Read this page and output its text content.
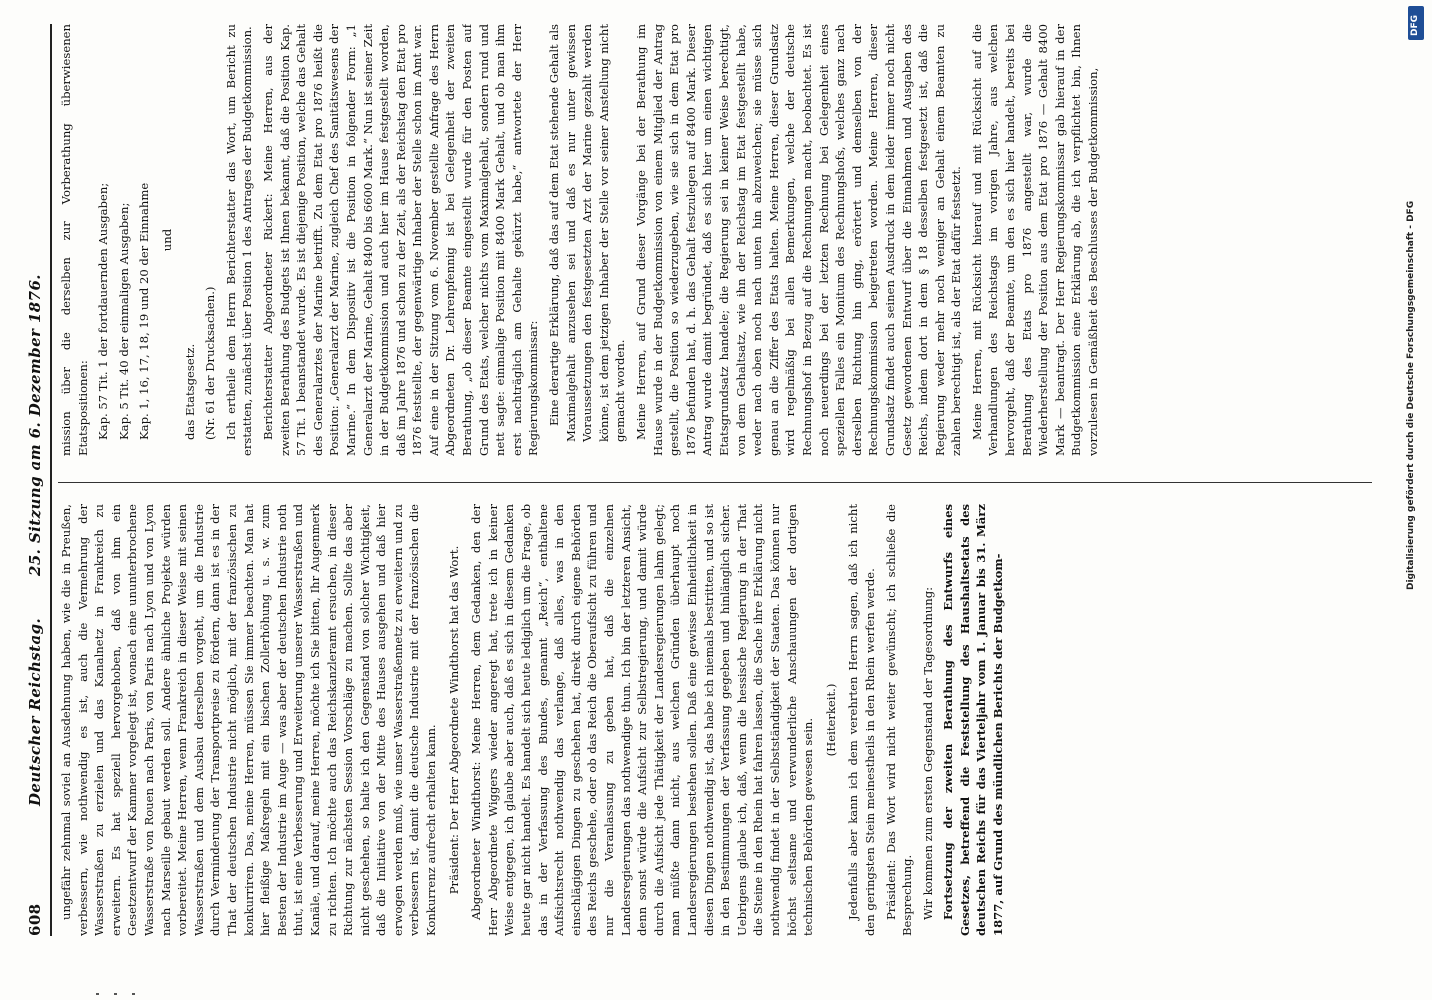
608
Deutscher Reichstag.
25. Sitzung am 6. Dezember 1876.

ungefähr zehnmal soviel an Ausdehnung haben, wie die in Preußen, verbessern, wie nothwendig es ist, auch die Vermehrung der Wasserstraßen zu erzielen und das Kanalnetz in Frankreich zu erweitern. Es hat speziell hervorgehoben, daß von ihm ein Gesetzentwurf der Kammer vorgelegt ist, wonach eine ununterbrochene Wasserstraße von Rouen nach Paris, von Paris nach Lyon und von Lyon nach Marseille gebaut werden soll. Andere ähnliche Projekte würden vorbereitet. Meine Herren, wenn Frankreich in dieser Weise mit seinen Wasserstraßen und dem Ausbau derselben vorgeht, um die Industrie durch Verminderung der Transportpreise zu fördern, dann ist es in der That der deutschen Industrie nicht möglich, mit der französischen zu konkurriren. Das, meine Herren, müssen Sie immer beachten. Man hat hier fleißige Maßregeln mit ein bischen Zollerhöhung u. s. w. zum Besten der Industrie im Auge — was aber der deutschen Industrie noth thut, ist eine Verbesserung und Erweiterung unserer Wasserstraßen und Kanäle, und darauf, meine Herren, möchte ich Sie bitten, Ihr Augenmerk zu richten. Ich möchte auch das Reichskanzleramt ersuchen, in dieser Richtung zur nächsten Session Vorschläge zu machen. Sollte das aber nicht geschehen, so halte ich den Gegenstand von solcher Wichtigkeit, daß die Initiative von der Mitte des Hauses ausgehen und daß hier erwogen werden muß, wie unser Wasserstraßennetz zu erweitern und zu verbessern ist, damit die deutsche Industrie mit der französischen die Konkurrenz aufrecht erhalten kann. Präsident: Der Herr Abgeordnete Windthorst hat das Wort. Abgeordneter Windthorst: Meine Herren, dem Gedanken, den der Herr Abgeordnete Wiggers wieder angeregt hat, trete ich in keiner Weise entgegen, ich glaube aber auch, daß es sich in diesem Gedanken heute gar nicht handelt. Es handelt sich heute lediglich um die Frage, ob das in der Verfassung des Bundes, genannt „Reich“, enthaltene Aufsichtsrecht nothwendig das verlange, daß alles, was in den einschlägigen Dingen zu geschehen hat, direkt durch eigene Behörden des Reichs geschehe, oder ob das Reich die Oberaufsicht zu führen und nur die Veranlassung zu geben hat, daß die einzelnen Landesregierungen das nothwendige thun. Ich bin der letzteren Ansicht, denn sonst würde die Aufsicht zur Selbstregierung, und damit würde durch die Aufsicht jede Thätigkeit der Landesregierungen lahm gelegt; man müßte dann nicht, aus welchen Gründen überhaupt noch Landesregierungen bestehen sollen. Daß eine gewisse Einheitlichkeit in diesen Dingen nothwendig ist, das habe ich niemals bestritten, und so ist in den Bestimmungen der Verfassung gegeben und hinlänglich sicher. Uebrigens glaube ich, daß, wenn die hessische Regierung in der That die Steine in den Rhein hat fahren lassen, die Sache ihre Erklärung nicht nothwendig findet in der Selbstständigkeit der Staaten. Das können nur höchst seltsame und verwunderliche Anschauungen der dortigen technischen Behörden gewesen sein. (Heiterkeit.) Jedenfalls aber kann ich dem verehrten Herrn sagen, daß ich nicht den geringsten Stein meinestheils in den Rhein werfen werde. Präsident: Das Wort wird nicht weiter gewünscht; ich schließe die Besprechung. Wir kommen zum ersten Gegenstand der Tagesordnung: Fortsetzung der zweiten Berathung des Entwurfs eines Gesetzes, betreffend die Feststellung des Haushaltsetats des deutschen Reichs für das Vierteljahr vom 1. Januar bis 31. März 1877, auf Grund des mündlichen Berichts der Budgetkom-

mission über die derselben zur Vorberathung überwiesenen Etatspositionen: Kap. 57 Tit. 1 der fortdauernden Ausgaben; Kap. 5 Tit. 40 der einmaligen Ausgaben; Kap. 1, 16, 17, 18, 19 und 20 der Einnahme und

das Etatsgesetz. (Nr. 61 der Drucksachen.) Ich ertheile dem Herrn Berichterstatter das Wort, um Bericht zu erstatten, zunächst über Position 1 des Antrages der Budgetkommission. Berichterstatter Abgeordneter Rickert: Meine Herren, aus der zweiten Berathung des Budgets ist Ihnen bekannt, daß die Position Kap. 57 Tit. 1 beanstandet wurde. Es ist diejenige Position, welche das Gehalt des Generalarztes der Marine betrifft. Zu dem Etat pro 1876 heißt die Position: „Generalarzt der Marine, zugleich Chef des Sanitätswesens der Marine.“ In dem Dispositiv ist die Position in folgender Form: „1 Generalarzt der Marine, Gehalt 8400 bis 6600 Mark.“ Nun ist seiner Zeit in der Budgetkommission und auch hier im Hause festgestellt worden, daß im Jahre 1876 und schon zu der Zeit, als der Reichstag den Etat pro 1876 feststellte, der gegenwärtige Inhaber der Stelle schon im Amt war. Auf eine in der Sitzung vom 6. November gestellte Anfrage des Herrn Abgeordneten Dr. Lehrenpfennig ist bei Gelegenheit der zweiten Berathung, „ob dieser Beamte eingestellt wurde für den Posten auf Grund des Etats, welcher nichts vom Maximalgehalt, sondern rund und nett sagte: einmalige Position mit 8400 Mark Gehalt, und ob man ihm erst nachträglich am Gehalte gekürzt habe,“ antwortete der Herr Regierungskommissar: Eine derartige Erklärung, daß das auf dem Etat stehende Gehalt als Maximalgehalt anzusehen sei und daß es nur unter gewissen Voraussetzungen den festgesetzten Arzt der Marine gezahlt werden könne, ist dem jetzigen Inhaber der Stelle vor seiner Anstellung nicht gemacht worden. Meine Herren, auf Grund dieser Vorgänge bei der Berathung im Hause wurde in der Budgetkommission von einem Mitglied der Antrag gestellt, die Position so wiederzugeben, wie sie sich in dem Etat pro 1876 befunden hat, d. h. das Gehalt festzulegen auf 8400 Mark. Dieser Antrag wurde damit begründet, daß es sich hier um einen wichtigen Etatsgrundsatz handele; die Regierung sei in keiner Weise berechtigt, von dem Gehaltsatz, wie ihn der Reichstag im Etat festgestellt habe, weder nach oben noch nach unten hin abzuweichen; sie müsse sich genau an die Ziffer des Etats halten. Meine Herren, dieser Grundsatz wird regelmäßig bei allen Bemerkungen, welche der deutsche Rechnungshof in Bezug auf die Rechnungen macht, beobachtet. Es ist noch neuerdings bei der letzten Rechnung bei Gelegenheit eines speziellen Falles ein Monitum des Rechnungshofs, welches ganz nach derselben Richtung hin ging, erörtert und demselben von der Rechnungskommission beigetreten worden. Meine Herren, dieser Grundsatz findet auch seinen Ausdruck in dem leider immer noch nicht Gesetz gewordenen Entwurf über die Einnahmen und Ausgaben des Reichs, indem dort in dem § 18 desselben festgesetzt ist, daß die Regierung weder mehr noch weniger an Gehalt einem Beamten zu zahlen berechtigt ist, als der Etat dafür festsetzt. Meine Herren, mit Rücksicht hierauf und mit Rücksicht auf die Verhandlungen des Reichstags im vorigen Jahre, aus welchen hervorgeht, daß der Beamte, um den es sich hier handelt, bereits bei Berathung des Etats pro 1876 angestellt war, wurde die Wiederherstellung der Position aus dem Etat pro 1876 — Gehalt 8400 Mark — beantragt. Der Herr Regierungskommissar gab hierauf in der Budgetkommission eine Erklärung ab, die ich verpflichtet bin, Ihnen vorzulesen in Gemäßheit des Beschlusses der Budgetkommission,

DFG
Digitalisierung gefördert durch die Deutsche Forschungsgemeinschaft - DFG
